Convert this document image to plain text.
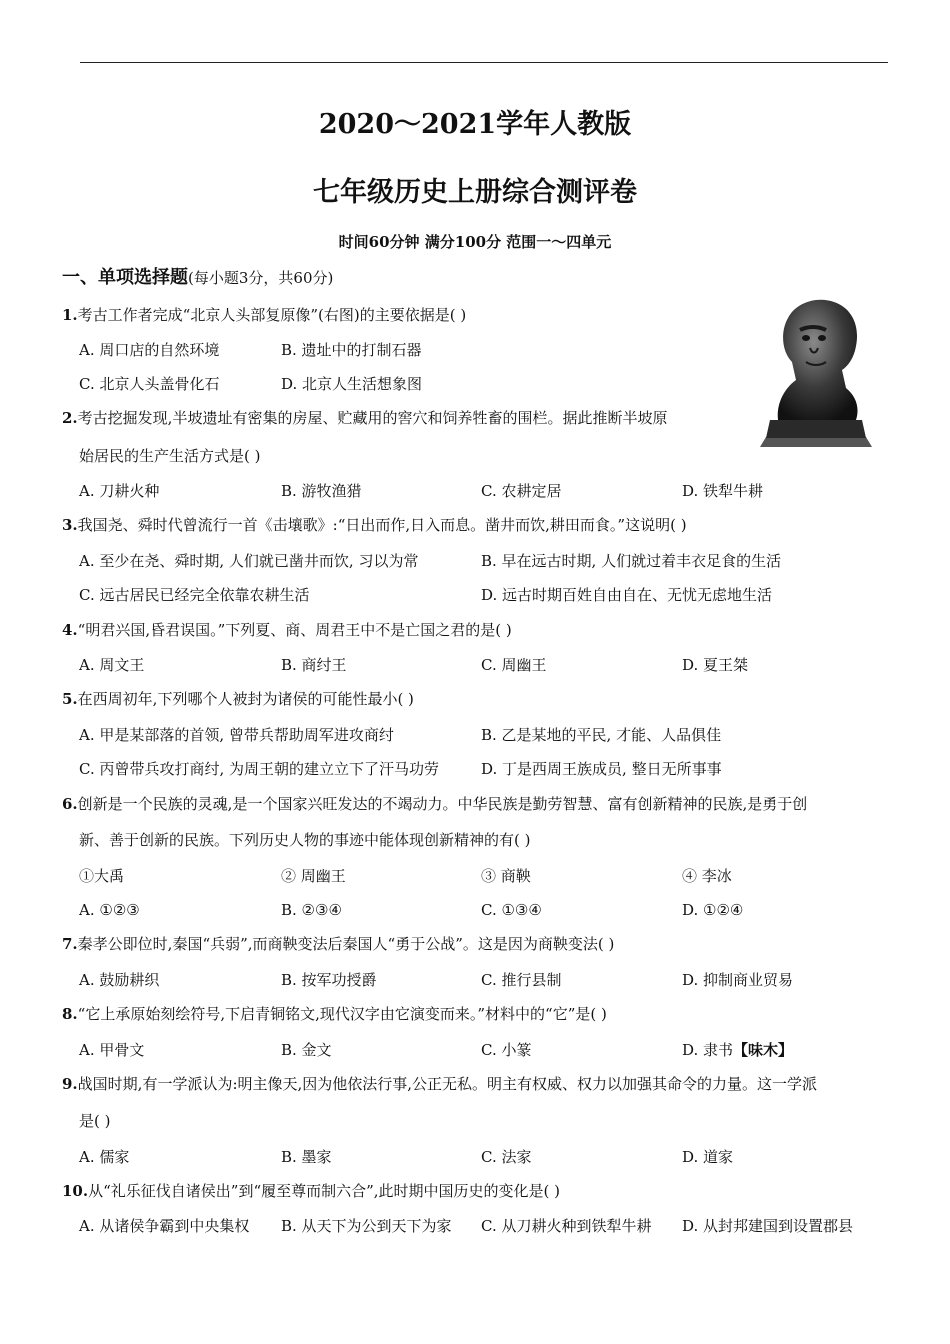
2020～2021学年人教版
七年级历史上册综合测评卷
时间60分钟 满分100分 范围一～四单元
一、单项选择题(每小题3分，共60分)
1.考古工作者完成“北京人头部复原像”(右图)的主要依据是( )
A. 周口店的自然环境	B. 遗址中的打制石器
C. 北京人头盖骨化石	D. 北京人生活想象图
2.考古挖掘发现,半坡遗址有密集的房屋、贮藏用的窖穴和饲养牲畜的围栏。据此推断半坡原
始居民的生产生活方式是( )
A. 刀耕火种	B. 游牧渔猎	C. 农耕定居	D. 铁犁牛耕
3.我国尧、舜时代曾流行一首《击壤歌》:“日出而作,日入而息。凿井而饮,耕田而食。”这说明( )
A. 至少在尧、舜时期, 人们就已凿井而饮, 习以为常	B. 早在远古时期, 人们就过着丰衣足食的生活
C. 远古居民已经完全依靠农耕生活	D. 远古时期百姓自由自在、无忧无虑地生活
4.“明君兴国,昏君误国。”下列夏、商、周君王中不是亡国之君的是( )
A. 周文王	B. 商纣王	C. 周幽王	D. 夏王桀
5.在西周初年,下列哪个人被封为诸侯的可能性最小( )
A. 甲是某部落的首领, 曾带兵帮助周军进攻商纣	B. 乙是某地的平民, 才能、人品俱佳
C. 丙曾带兵攻打商纣, 为周王朝的建立立下了汗马功劳	D. 丁是西周王族成员, 整日无所事事
6.创新是一个民族的灵魂,是一个国家兴旺发达的不竭动力。中华民族是勤劳智慧、富有创新精神的民族,是勇于创
新、善于创新的民族。下列历史人物的事迹中能体现创新精神的有( )
①大禹	② 周幽王	③ 商鞅	④ 李冰
A. ①②③	B. ②③④	C. ①③④	D. ①②④
7.秦孝公即位时,秦国“兵弱”,而商鞅变法后秦国人“勇于公战”。这是因为商鞅变法( )
A. 鼓励耕织	B. 按军功授爵	C. 推行县制	D. 抑制商业贸易
8.“它上承原始刻绘符号,下启青铜铭文,现代汉字由它演变而来。”材料中的“它”是( )
A. 甲骨文	B. 金文	C. 小篆	D. 隶书【味木】
9.战国时期,有一学派认为:明主像天,因为他依法行事,公正无私。明主有权威、权力以加强其命令的力量。这一学派
是( )
A. 儒家	B. 墨家	C. 法家	D. 道家
10.从“礼乐征伐自诸侯出”到“履至尊而制六合”,此时期中国历史的变化是( )
A. 从诸侯争霸到中央集权 B. 从天下为公到天下为家 C. 从刀耕火种到铁犁牛耕 D. 从封邦建国到设置郡县
